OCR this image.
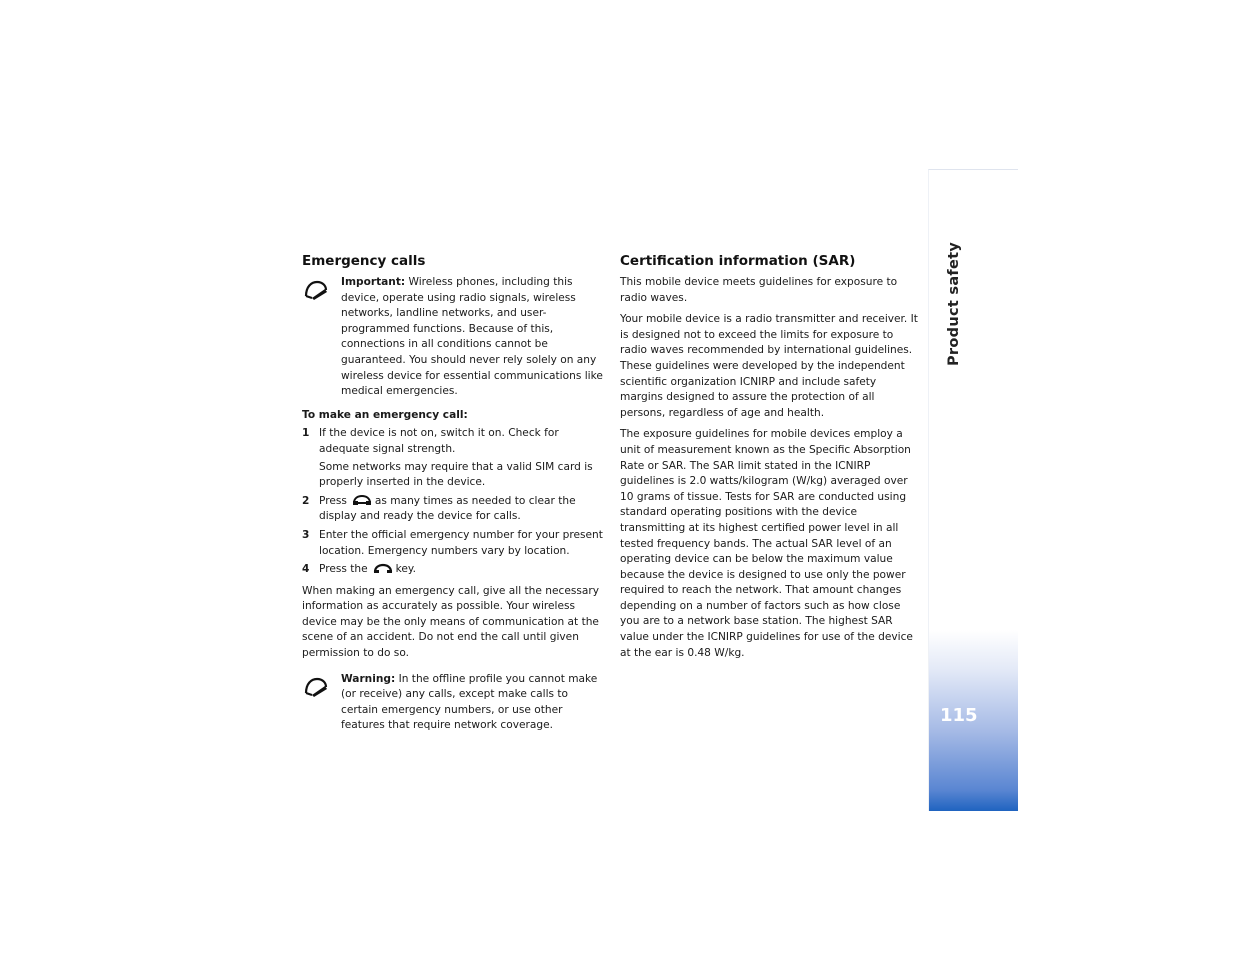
Product safety
115
Emergency calls

Important: Wireless phones, including this device, operate using radio signals, wireless networks, landline networks, and user-programmed functions. Because of this, connections in all conditions cannot be guaranteed. You should never rely solely on any wireless device for essential communications like medical emergencies.

To make an emergency call:
1 If the device is not on, switch it on. Check for adequate signal strength.

Some networks may require that a valid SIM card is properly inserted in the device.

2 Press	as many times as needed to clear the display and ready the device for calls.

3 Enter the official emergency number for your present location. Emergency numbers vary by location.

4 Press the	key.

When making an emergency call, give all the necessary information as accurately as possible. Your wireless device may be the only means of communication at the scene of an accident. Do not end the call until given permission to do so.

Warning: In the offline profile you cannot make (or receive) any calls, except make calls to certain emergency numbers, or use other features that require network coverage.

Certification information (SAR)

This mobile device meets guidelines for exposure to radio waves.

Your mobile device is a radio transmitter and receiver. It is designed not to exceed the limits for exposure to radio waves recommended by international guidelines. These guidelines were developed by the independent scientific organization ICNIRP and include safety margins designed to assure the protection of all persons, regardless of age and health.

The exposure guidelines for mobile devices employ a unit of measurement known as the Specific Absorption Rate or SAR. The SAR limit stated in the ICNIRP guidelines is 2.0 watts/kilogram (W/kg) averaged over 10 grams of tissue. Tests for SAR are conducted using standard operating positions with the device transmitting at its highest certified power level in all tested frequency bands. The actual SAR level of an operating device can be below the maximum value because the device is designed to use only the power required to reach the network. That amount changes depending on a number of factors such as how close you are to a network base station. The highest SAR value under the ICNIRP guidelines for use of the device at the ear is 0.48 W/kg.
